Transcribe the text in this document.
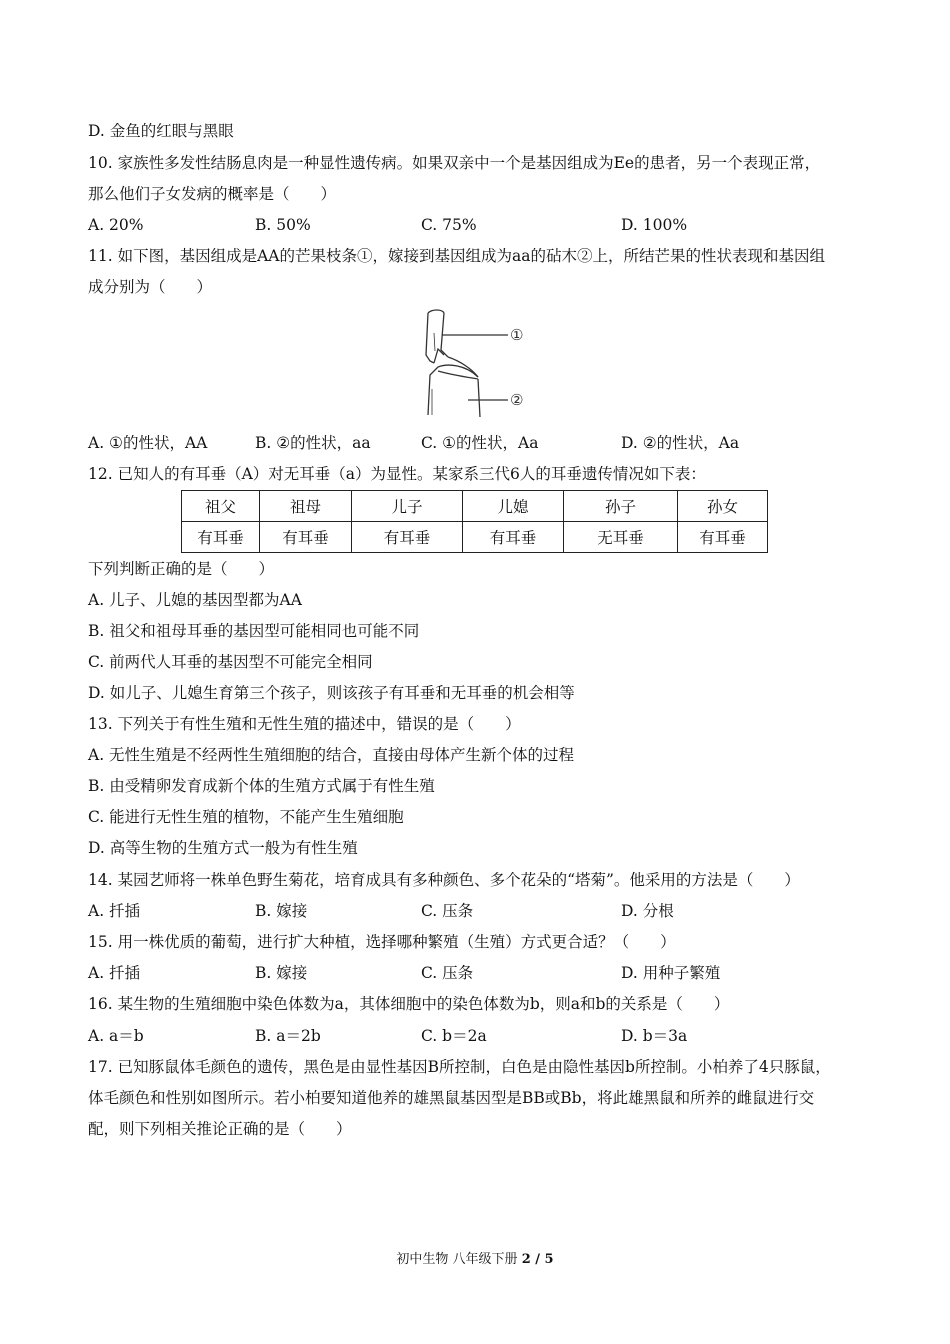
D. 金鱼的红眼与黑眼
10. 家族性多发性结肠息肉是一种显性遗传病。如果双亲中一个是基因组成为Ee的患者，另一个表现正常，
那么他们子女发病的概率是（　　）
A. 20%	B. 50%	C. 75%	D. 100%
11. 如下图，基因组成是AA的芒果枝条①，嫁接到基因组成为aa的砧木②上，所结芒果的性状表现和基因组
成分别为（　　）
①
②
A. ①的性状，AA	B. ②的性状，aa	C. ①的性状，Aa	D. ②的性状，Aa
12. 已知人的有耳垂（A）对无耳垂（a）为显性。某家系三代6人的耳垂遗传情况如下表：
祖父	祖母	儿子	儿媳	孙子	孙女
有耳垂	有耳垂	有耳垂	有耳垂	无耳垂	有耳垂
下列判断正确的是（　　）
A. 儿子、儿媳的基因型都为AA
B. 祖父和祖母耳垂的基因型可能相同也可能不同
C. 前两代人耳垂的基因型不可能完全相同
D. 如儿子、儿媳生育第三个孩子，则该孩子有耳垂和无耳垂的机会相等
13. 下列关于有性生殖和无性生殖的描述中，错误的是（　　）
A. 无性生殖是不经两性生殖细胞的结合，直接由母体产生新个体的过程
B. 由受精卵发育成新个体的生殖方式属于有性生殖
C. 能进行无性生殖的植物，不能产生生殖细胞
D. 高等生物的生殖方式一般为有性生殖
14. 某园艺师将一株单色野生菊花，培育成具有多种颜色、多个花朵的“塔菊”。他采用的方法是（　　）
A. 扦插	B. 嫁接	C. 压条	D. 分根
15. 用一株优质的葡萄，进行扩大种植，选择哪种繁殖（生殖）方式更合适？（　　）
A. 扦插	B. 嫁接	C. 压条	D. 用种子繁殖
16. 某生物的生殖细胞中染色体数为a，其体细胞中的染色体数为b，则a和b的关系是（　　）
A. a＝b	B. a＝2b	C. b＝2a	D. b＝3a
17. 已知豚鼠体毛颜色的遗传，黑色是由显性基因B所控制，白色是由隐性基因b所控制。小柏养了4只豚鼠，
体毛颜色和性别如图所示。若小柏要知道他养的雄黑鼠基因型是BB或Bb，将此雄黑鼠和所养的雌鼠进行交
配，则下列相关推论正确的是（　　）
初中生物 八年级下册 2 / 5
